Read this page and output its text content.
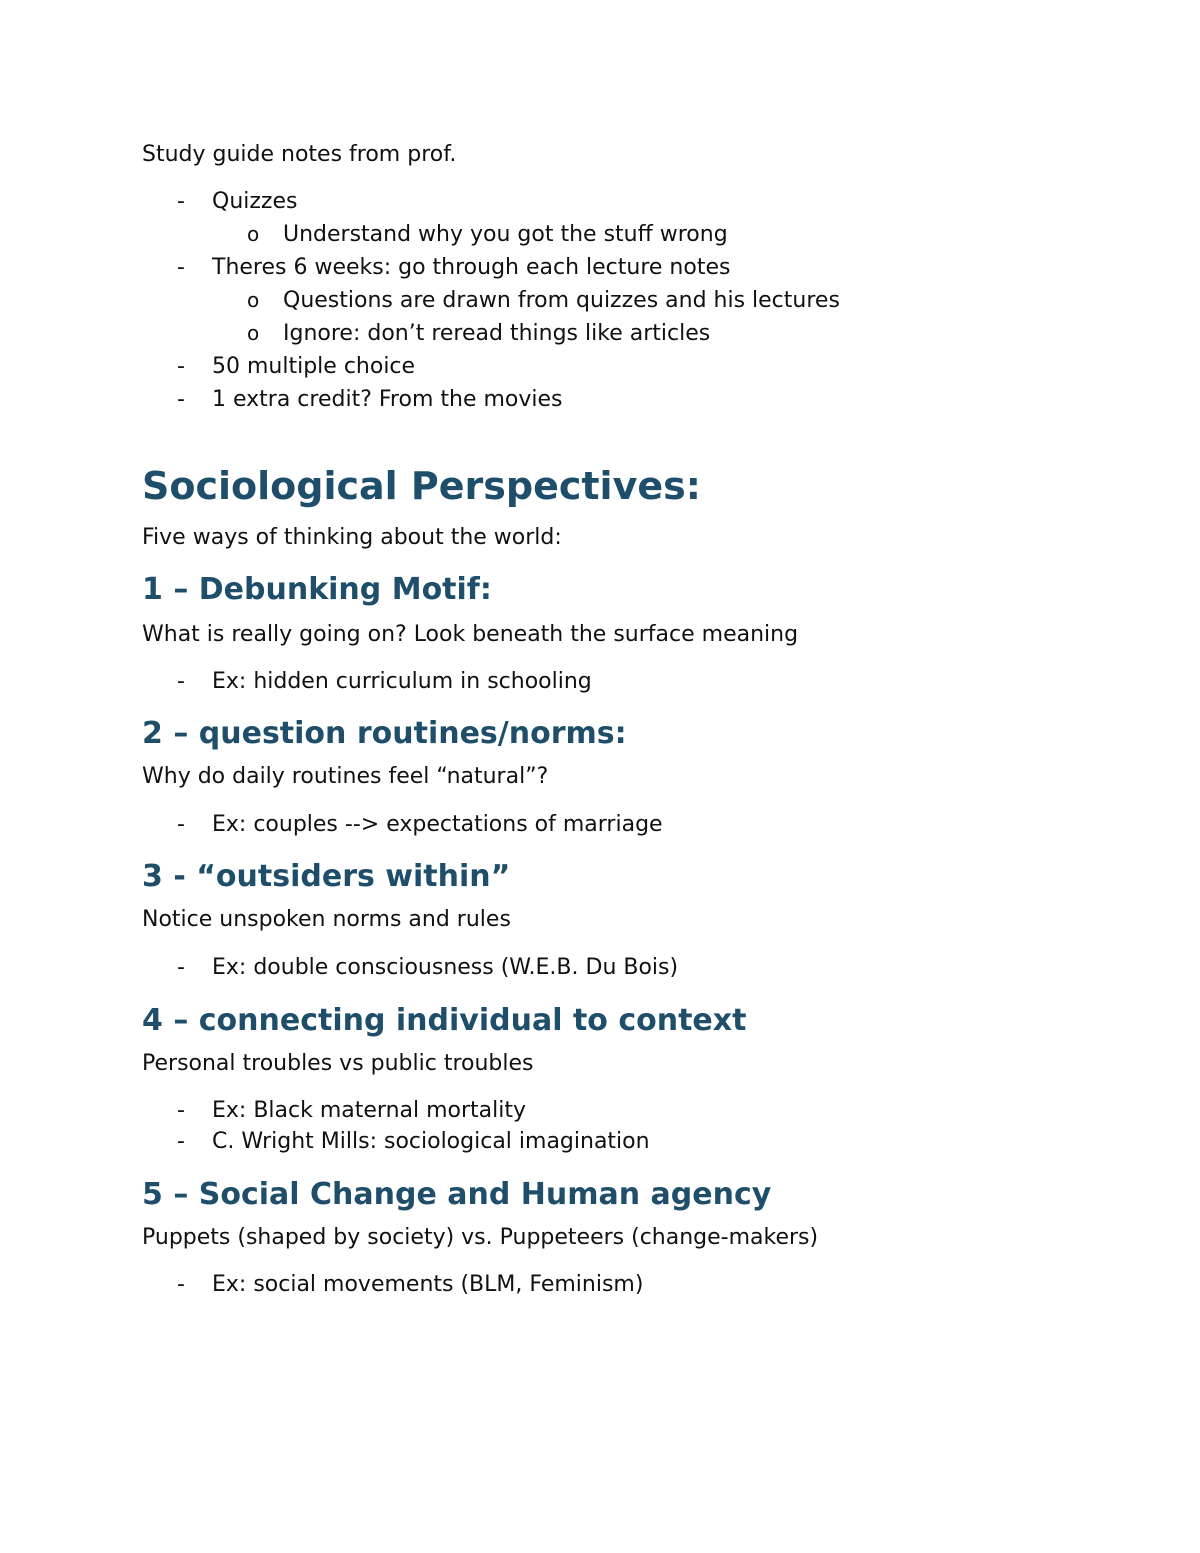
Study guide notes from prof.

- Quizzes
o Understand why you got the stuff wrong
- Theres 6 weeks: go through each lecture notes
o Questions are drawn from quizzes and his lectures
o Ignore: don’t reread things like articles
- 50 multiple choice
- 1 extra credit? From the movies
Sociological Perspectives:

Five ways of thinking about the world:

1 – Debunking Motif:

What is really going on? Look beneath the surface meaning

- Ex: hidden curriculum in schooling
2 – question routines/norms:

Why do daily routines feel “natural”?

- Ex: couples --> expectations of marriage
3 - “outsiders within”

Notice unspoken norms and rules

- Ex: double consciousness (W.E.B. Du Bois)
4 – connecting individual to context

Personal troubles vs public troubles

- Ex: Black maternal mortality
- C. Wright Mills: sociological imagination
5 – Social Change and Human agency

Puppets (shaped by society) vs. Puppeteers (change-makers)

- Ex: social movements (BLM, Feminism)
